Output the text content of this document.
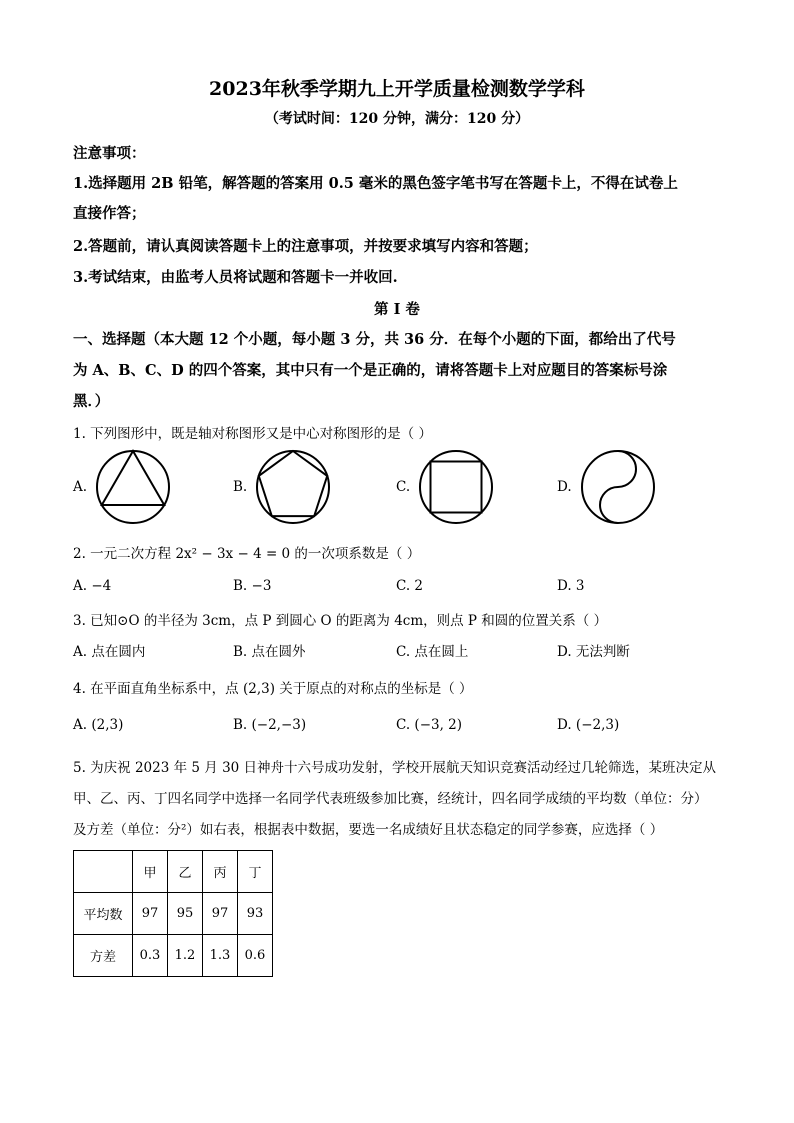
2023年秋季学期九上开学质量检测数学学科
（考试时间：120 分钟，满分：120 分）
注意事项：
1.选择题用 2B 铅笔，解答题的答案用 0.5 毫米的黑色签字笔书写在答题卡上，不得在试卷上
直接作答；
2.答题前，请认真阅读答题卡上的注意事项，并按要求填写内容和答题；
3.考试结束，由监考人员将试题和答题卡一并收回.
第 I 卷
一、选择题（本大题 12 个小题，每小题 3 分，共 36 分．在每个小题的下面，都给出了代号
为 A、B、C、D 的四个答案，其中只有一个是正确的，请将答题卡上对应题目的答案标号涂
黑．）
1. 下列图形中，既是轴对称图形又是中心对称图形的是（ ）
A.	B.	C.	D.
2. 一元二次方程 2x² − 3x − 4 = 0 的一次项系数是（ ）
A. −4	B. −3	C. 2	D. 3
3. 已知⊙O 的半径为 3cm，点 P 到圆心 O 的距离为 4cm，则点 P 和圆的位置关系（ ）
A. 点在圆内	B. 点在圆外	C. 点在圆上	D. 无法判断
4. 在平面直角坐标系中，点 (2,3) 关于原点的对称点的坐标是（ ）
A. (2,3)	B. (−2,−3)	C. (−3, 2)	D. (−2,3)
5. 为庆祝 2023 年 5 月 30 日神舟十六号成功发射，学校开展航天知识竞赛活动经过几轮筛选，某班决定从
甲、乙、丙、丁四名同学中选择一名同学代表班级参加比赛，经统计，四名同学成绩的平均数（单位：分）
及方差（单位：分²）如右表，根据表中数据，要选一名成绩好且状态稳定的同学参赛，应选择（ ）
	甲	乙	丙	丁
平均数	97	95	97	93
方差	0.3	1.2	1.3	0.6
